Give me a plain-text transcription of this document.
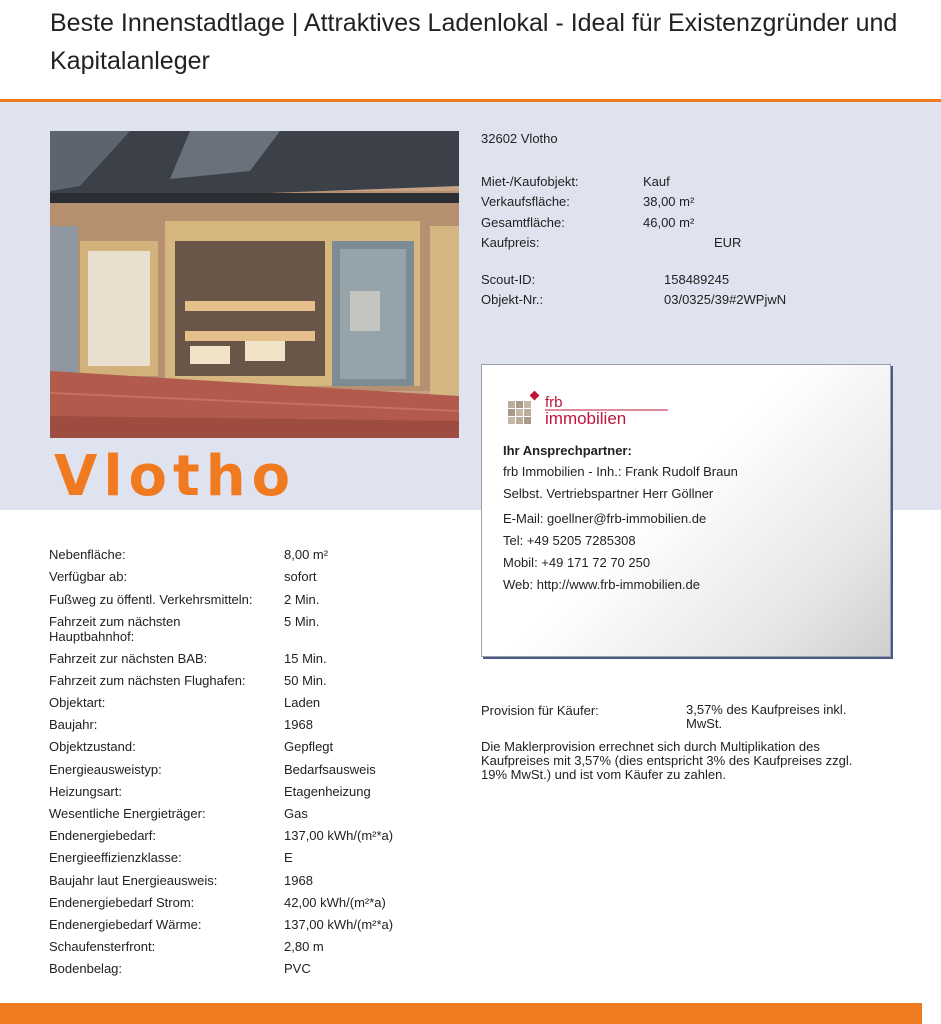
Beste Innenstadtlage | Attraktives Ladenlokal - Ideal für Existenzgründer und Kapitalanleger
Vlotho
32602 Vlotho
Miet-/Kaufobjekt:	Kauf
Verkaufsfläche:	38,00 m²
Gesamtfläche:	46,00 m²
Kaufpreis:	EUR
Scout-ID:	158489245
Objekt-Nr.:	03/0325/39#2WPjwN
frb
immobilien
Ihr Ansprechpartner:
frb Immobilien - Inh.: Frank Rudolf Braun
Selbst. Vertriebspartner Herr Göllner
E-Mail: goellner@frb-immobilien.de
Tel: +49 5205 7285308
Mobil: +49 171 72 70 250
Web: http://www.frb-immobilien.de
Nebenfläche:	8,00 m²
Verfügbar ab:	sofort
Fußweg zu öffentl. Verkehrsmitteln:	2 Min.
Fahrzeit zum nächsten Hauptbahnhof:
5 Min.
Fahrzeit zur nächsten BAB:	15 Min.
Fahrzeit zum nächsten Flughafen:	50 Min.
Objektart:	Laden
Baujahr:	1968
Objektzustand:	Gepflegt
Energieausweistyp:	Bedarfsausweis
Heizungsart:	Etagenheizung
Wesentliche Energieträger:	Gas
Endenergiebedarf:	137,00 kWh/(m²*a)
Energieeffizienzklasse:	E
Baujahr laut Energieausweis:	1968
Endenergiebedarf Strom:	42,00 kWh/(m²*a)
Endenergiebedarf Wärme:	137,00 kWh/(m²*a)
Schaufensterfront:	2,80 m
Bodenbelag:	PVC
Provision für Käufer:	3,57% des Kaufpreises inkl. MwSt.
Die Maklerprovision errechnet sich durch Multiplikation des Kaufpreises mit 3,57% (dies entspricht 3% des Kaufpreises zzgl. 19% MwSt.) und ist vom Käufer zu zahlen.
